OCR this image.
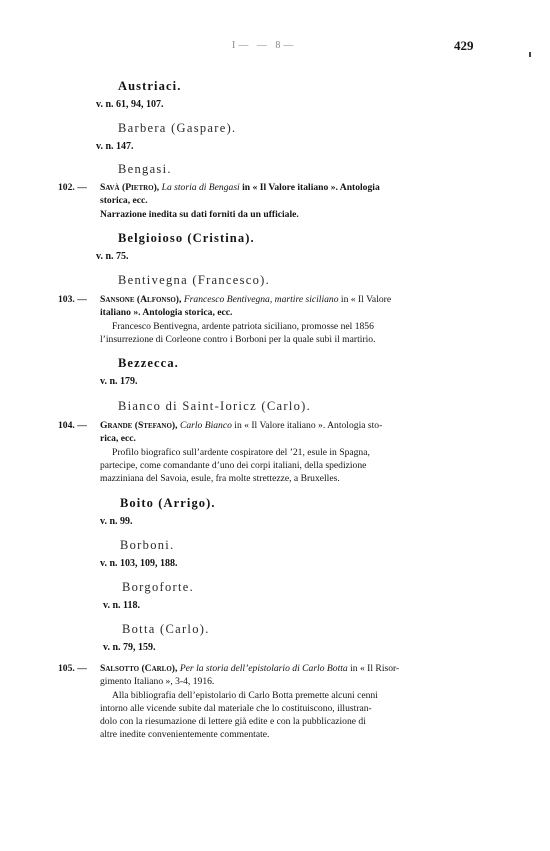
I— — 8—	429
Austriaci.
v. n. 61, 94, 107.
Barbera (Gaspare).
v. n. 147.
Bengasi.
102. —	Savà (Pietro), La storia di Bengasi in « Il Valore italiano ». Antologia
storica, ecc.
Narrazione inedita su dati forniti da un ufficiale.
Belgioioso (Cristina).
v. n. 75.
Bentivegna (Francesco).
103. —	Sansone (Alfonso), Francesco Bentivegna, martire siciliano in « Il Valore
italiano ». Antologia storica, ecc.
Francesco Bentivegna, ardente patriota siciliano, promosse nel 1856
l’insurrezione di Corleone contro i Borboni per la quale subì il martirio.
Bezzecca.
v. n. 179.
Bianco di Saint-Ioricz (Carlo).
104. —	Grande (Stefano), Carlo Bianco in « Il Valore italiano ». Antologia sto-
rica, ecc.
Profilo biografico sull’ardente cospiratore del ’21, esule in Spagna,
partecipe, come comandante d’uno dei corpi italiani, della spedizione
mazziniana del Savoia, esule, fra molte strettezze, a Bruxelles.
Boito (Arrigo).
v. n. 99.
Borboni.
v. n. 103, 109, 188.
Borgoforte.
v. n. 118.
Botta (Carlo).
v. n. 79, 159.
105. —	Salsotto (Carlo), Per la storia dell’epistolario di Carlo Botta in « Il Risor-
gimento Italiano », 3-4, 1916.
Alla bibliografia dell’epistolario di Carlo Botta premette alcuni cenni
intorno alle vicende subite dal materiale che lo costituiscono, illustran-
dolo con la riesumazione di lettere già edite e con la pubblicazione di
altre inedite convenientemente commentate.
